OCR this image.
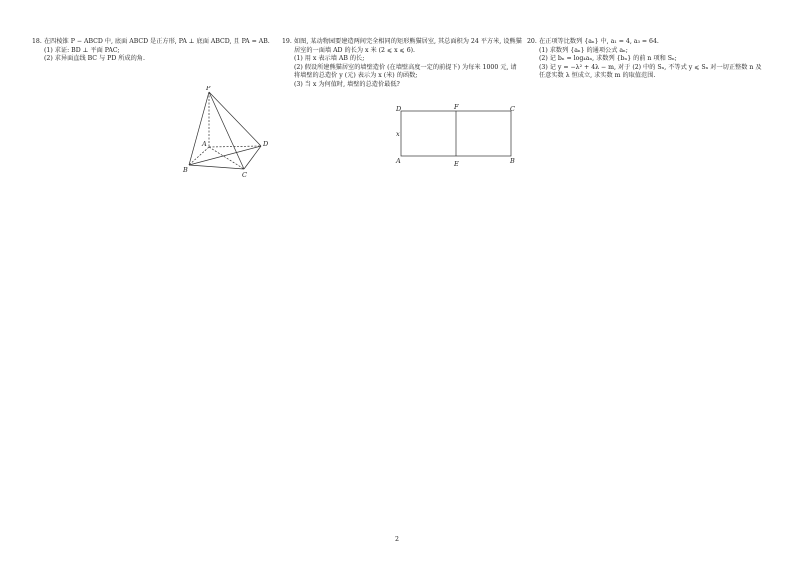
18. 在四棱锥 P − ABCD 中, 底面 ABCD 是正方形, PA ⊥ 底面 ABCD, 且 PA = AB.

(1) 求证: BD ⊥ 平面 PAC;

(2) 求异面直线 BC 与 PD 所成的角.

P
A
B
C
D
19. 如图, 某动物园要建造两间完全相同的矩形熊猫居室, 其总面积为 24 平方米, 设熊猫居室的一面墙 AD 的长为 x 米 (2 ⩽ x ⩽ 6).

(1) 用 x 表示墙 AB 的长;

(2) 假设所建熊猫居室的墙壁造价 (在墙壁高度一定的前提下) 为每米 1000 元, 请将墙壁的总造价 y (元) 表示为 x (米) 的函数;

(3) 当 x 为何值时, 墙壁的总造价最低?

D	F	C
x
A	E	B
20. 在正项等比数列 {aₙ} 中, a₁ = 4, a₃ = 64.

(1) 求数列 {aₙ} 的通项公式 aₙ;

(2) 记 bₙ = log₄aₙ, 求数列 {bₙ} 的前 n 项和 Sₙ;

(3) 记 y = −λ² + 4λ − m, 对于 (2) 中的 Sₙ, 不等式 y ⩽ Sₙ 对一切正整数 n 及任意实数 λ 恒成立, 求实数 m 的取值范围.

2
